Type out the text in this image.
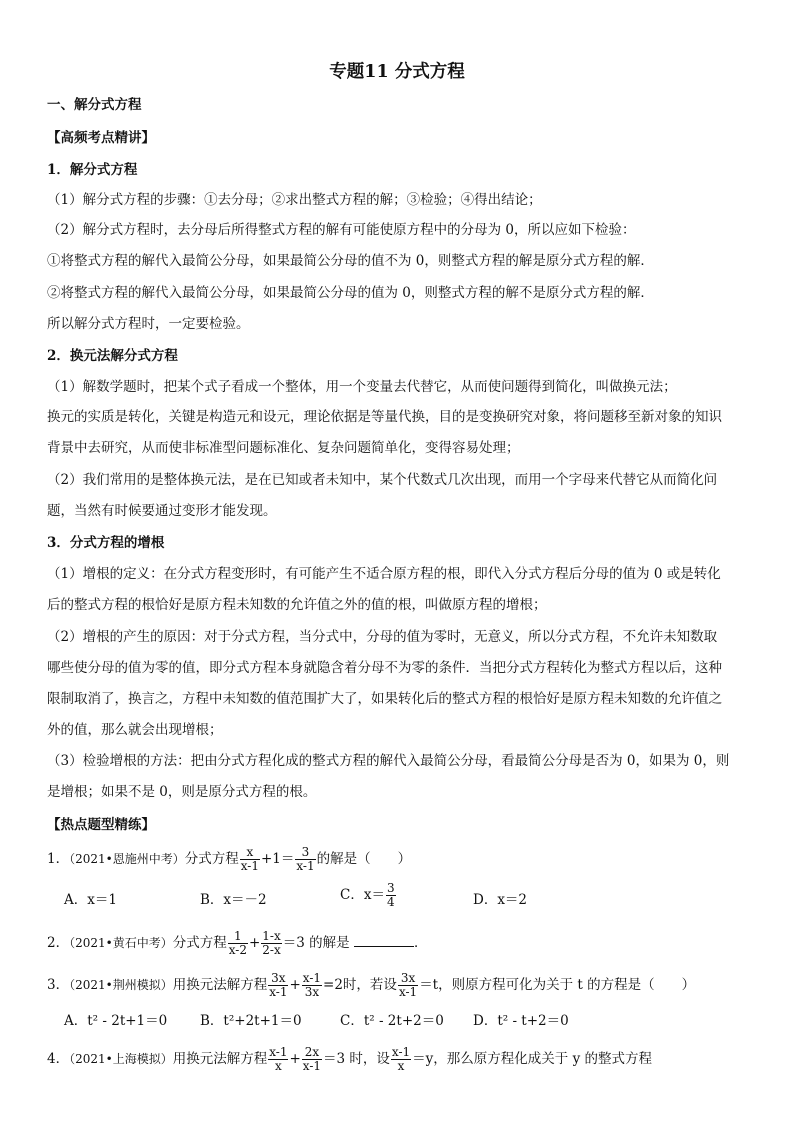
专题11 分式方程
一、解分式方程
【高频考点精讲】
1．解分式方程
（1）解分式方程的步骤：①去分母；②求出整式方程的解；③检验；④得出结论；
（2）解分式方程时，去分母后所得整式方程的解有可能使原方程中的分母为 0，所以应如下检验：
①将整式方程的解代入最简公分母，如果最简公分母的值不为 0，则整式方程的解是原分式方程的解．
②将整式方程的解代入最简公分母，如果最简公分母的值为 0，则整式方程的解不是原分式方程的解．
所以解分式方程时，一定要检验。
2．换元法解分式方程
（1）解数学题时，把某个式子看成一个整体，用一个变量去代替它，从而使问题得到简化，叫做换元法；
换元的实质是转化，关键是构造元和设元，理论依据是等量代换，目的是变换研究对象，将问题移至新对象的知识
背景中去研究，从而使非标准型问题标准化、复杂问题简单化，变得容易处理；
（2）我们常用的是整体换元法，是在已知或者未知中，某个代数式几次出现，而用一个字母来代替它从而简化问
题，当然有时候要通过变形才能发现。
3．分式方程的增根
（1）增根的定义：在分式方程变形时，有可能产生不适合原方程的根，即代入分式方程后分母的值为 0 或是转化
后的整式方程的根恰好是原方程未知数的允许值之外的值的根，叫做原方程的增根；
（2）增根的产生的原因：对于分式方程，当分式中，分母的值为零时，无意义，所以分式方程，不允许未知数取
哪些使分母的值为零的值，即分式方程本身就隐含着分母不为零的条件．当把分式方程转化为整式方程以后，这种
限制取消了，换言之，方程中未知数的值范围扩大了，如果转化后的整式方程的根恰好是原方程未知数的允许值之
外的值，那么就会出现增根；
（3）检验增根的方法：把由分式方程化成的整式方程的解代入最简公分母，看最简公分母是否为 0，如果为 0，则
是增根；如果不是 0，则是原分式方程的根。
【热点题型精练】
1．（2021•恩施州中考）分式方程 $\frac{x}{x-1} +1= \frac{3}{x-1}$ 的解是（　　）
A．x＝1	B．x＝－2	C．$x= \frac{3}{4}$	D．x＝2
2．（2021•黄石中考）分式方程 $\frac{1}{x-2} + \frac{1-x}{2-x} =3$ 的解是	．
3．（2021•荆州模拟）用换元法解方程 $\frac{3x}{x-1} + \frac{x-1}{3x} =2$时，若设 $\frac{3x}{x-1} =t$，则原方程可化为关于 t 的方程是（　　）
A．t² - 2t+1＝0 B．t²+2t+1＝0	C．t² - 2t+2＝0 D．t² - t+2＝0
4．（2021•上海模拟）用换元法解方程 $\frac{x-1}{x} + \frac{2x}{x-1} =3$ 时，设 $\frac{x-1}{x} =y$，那么原方程化成关于 y 的整式方程
